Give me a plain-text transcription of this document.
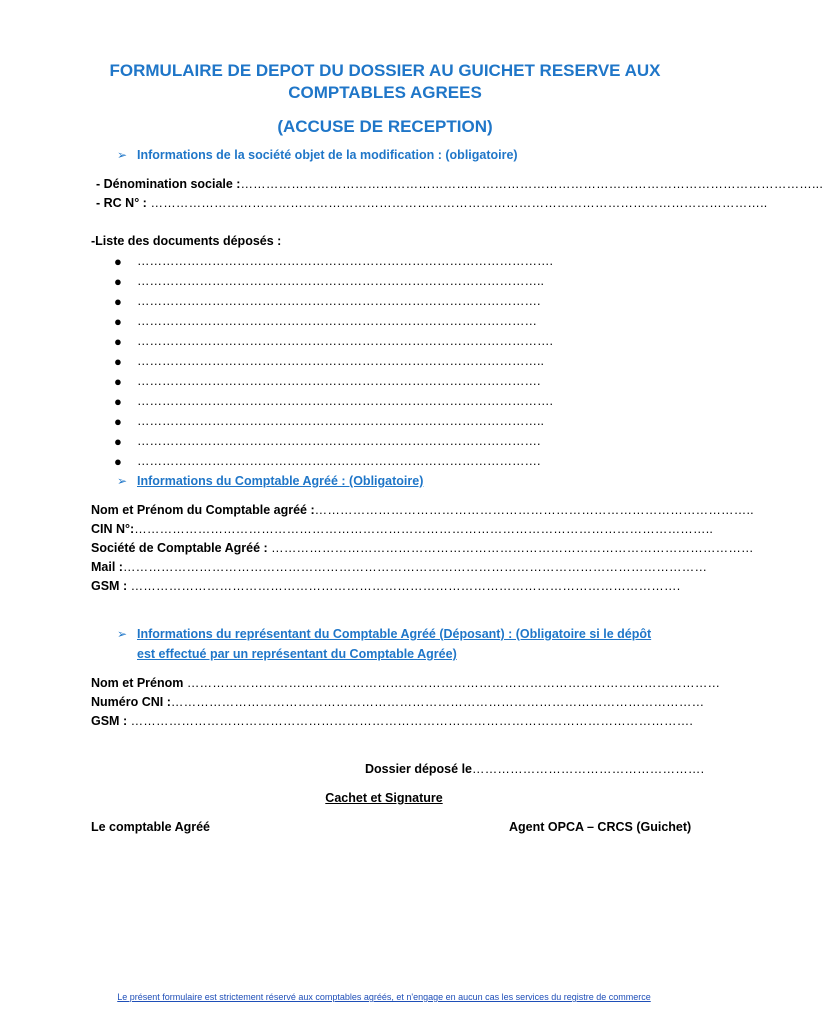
FORMULAIRE DE DEPOT DU DOSSIER AU GUICHET RESERVE AUX
COMPTABLES AGREES
(ACCUSE DE RECEPTION)
➢ Informations de la société objet de la modification : (obligatoire)
- Dénomination sociale :………………………………………………………………………………………………………………………...
- RC N° : ………………………………………………………………………………………………………………………………..
-Liste des documents déposés :
● ……………………………………………………………………………………….
● ……………………………………………………………………………………..
● …………………………………………………………………………………….
● ……………………………………………………………………………………
● ……………………………………………………………………………………….
● ……………………………………………………………………………………..
● …………………………………………………………………………………….
● ……………………………………………………………………………………….
● ……………………………………………………………………………………..
● …………………………………………………………………………………….
● …………………………………………………………………………………….
➢ Informations du Comptable Agréé : (Obligatoire)
Nom et Prénom du Comptable agréé :…………………………………………………………………………………………..
CIN N°:………………………………………………………………………………………………………………………..
Société de Comptable Agréé : ……………………………………………………………………………………………………
Mail :…………………………………………………………………………………………………………………………
GSM : ………………………………………………………………………………………………………………….
➢ Informations du représentant du Comptable Agréé (Déposant) : (Obligatoire si le dépôt
est effectué par un représentant du Comptable Agrée)
Nom et Prénom ………………………………………………………………………………………………………………
Numéro CNI :………………………………………………………………………………………………………………
GSM : …………………………………………………………………………………………………………………….
Dossier déposé le……………………………………………….
Cachet et Signature
Le comptable Agréé	Agent OPCA – CRCS (Guichet)
Le présent formulaire est strictement réservé aux comptables agréés, et n'engage en aucun cas les services du registre de commerce
